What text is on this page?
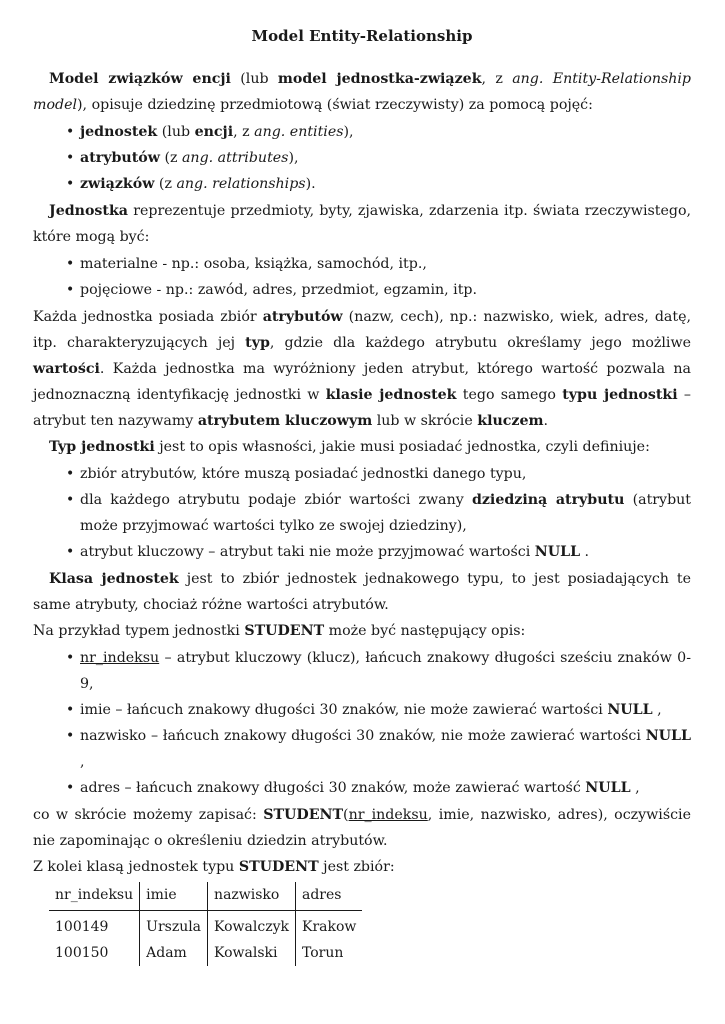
Model Entity-Relationship

Model związków encji (lub model jednostka-związek, z ang. Entity-Relationship model), opisuje dziedzinę przedmiotową (świat rzeczywisty) za pomocą pojęć:

• jednostek (lub encji, z ang. entities),
• atrybutów (z ang. attributes),
• związków (z ang. relationships).

Jednostka reprezentuje przedmioty, byty, zjawiska, zdarzenia itp. świata rzeczywistego, które mogą być:

• materialne - np.: osoba, książka, samochód, itp.,
• pojęciowe - np.: zawód, adres, przedmiot, egzamin, itp.

Każda jednostka posiada zbiór atrybutów (nazw, cech), np.: nazwisko, wiek, adres, datę, itp. charakteryzujących jej typ, gdzie dla każdego atrybutu określamy jego możliwe wartości. Każda jednostka ma wyróżniony jeden atrybut, którego wartość pozwala na jednoznaczną identyfikację jednostki w klasie jednostek tego samego typu jednostki – atrybut ten nazywamy atrybutem kluczowym lub w skrócie kluczem.

Typ jednostki jest to opis własności, jakie musi posiadać jednostka, czyli definiuje:

• zbiór atrybutów, które muszą posiadać jednostki danego typu,
• dla każdego atrybutu podaje zbiór wartości zwany dziedziną atrybutu (atrybut może przyjmować wartości tylko ze swojej dziedziny),
• atrybut kluczowy – atrybut taki nie może przyjmować wartości NULL .

Klasa jednostek jest to zbiór jednostek jednakowego typu, to jest posiadających te same atrybuty, chociaż różne wartości atrybutów.

Na przykład typem jednostki STUDENT może być następujący opis:

• nr_indeksu – atrybut kluczowy (klucz), łańcuch znakowy długości sześciu znaków 0-9,
• imie – łańcuch znakowy długości 30 znaków, nie może zawierać wartości NULL ,
• nazwisko – łańcuch znakowy długości 30 znaków, nie może zawierać wartości NULL ,
• adres – łańcuch znakowy długości 30 znaków, może zawierać wartość NULL ,

co w skrócie możemy zapisać: STUDENT(nr_indeksu, imie, nazwisko, adres), oczywiście nie zapominając o określeniu dziedzin atrybutów.

Z kolei klasą jednostek typu STUDENT jest zbiór:

nr_indeksu	imie	nazwisko	adres
100149	Urszula	Kowalczyk	Krakow
100150	Adam	Kowalski	Torun
